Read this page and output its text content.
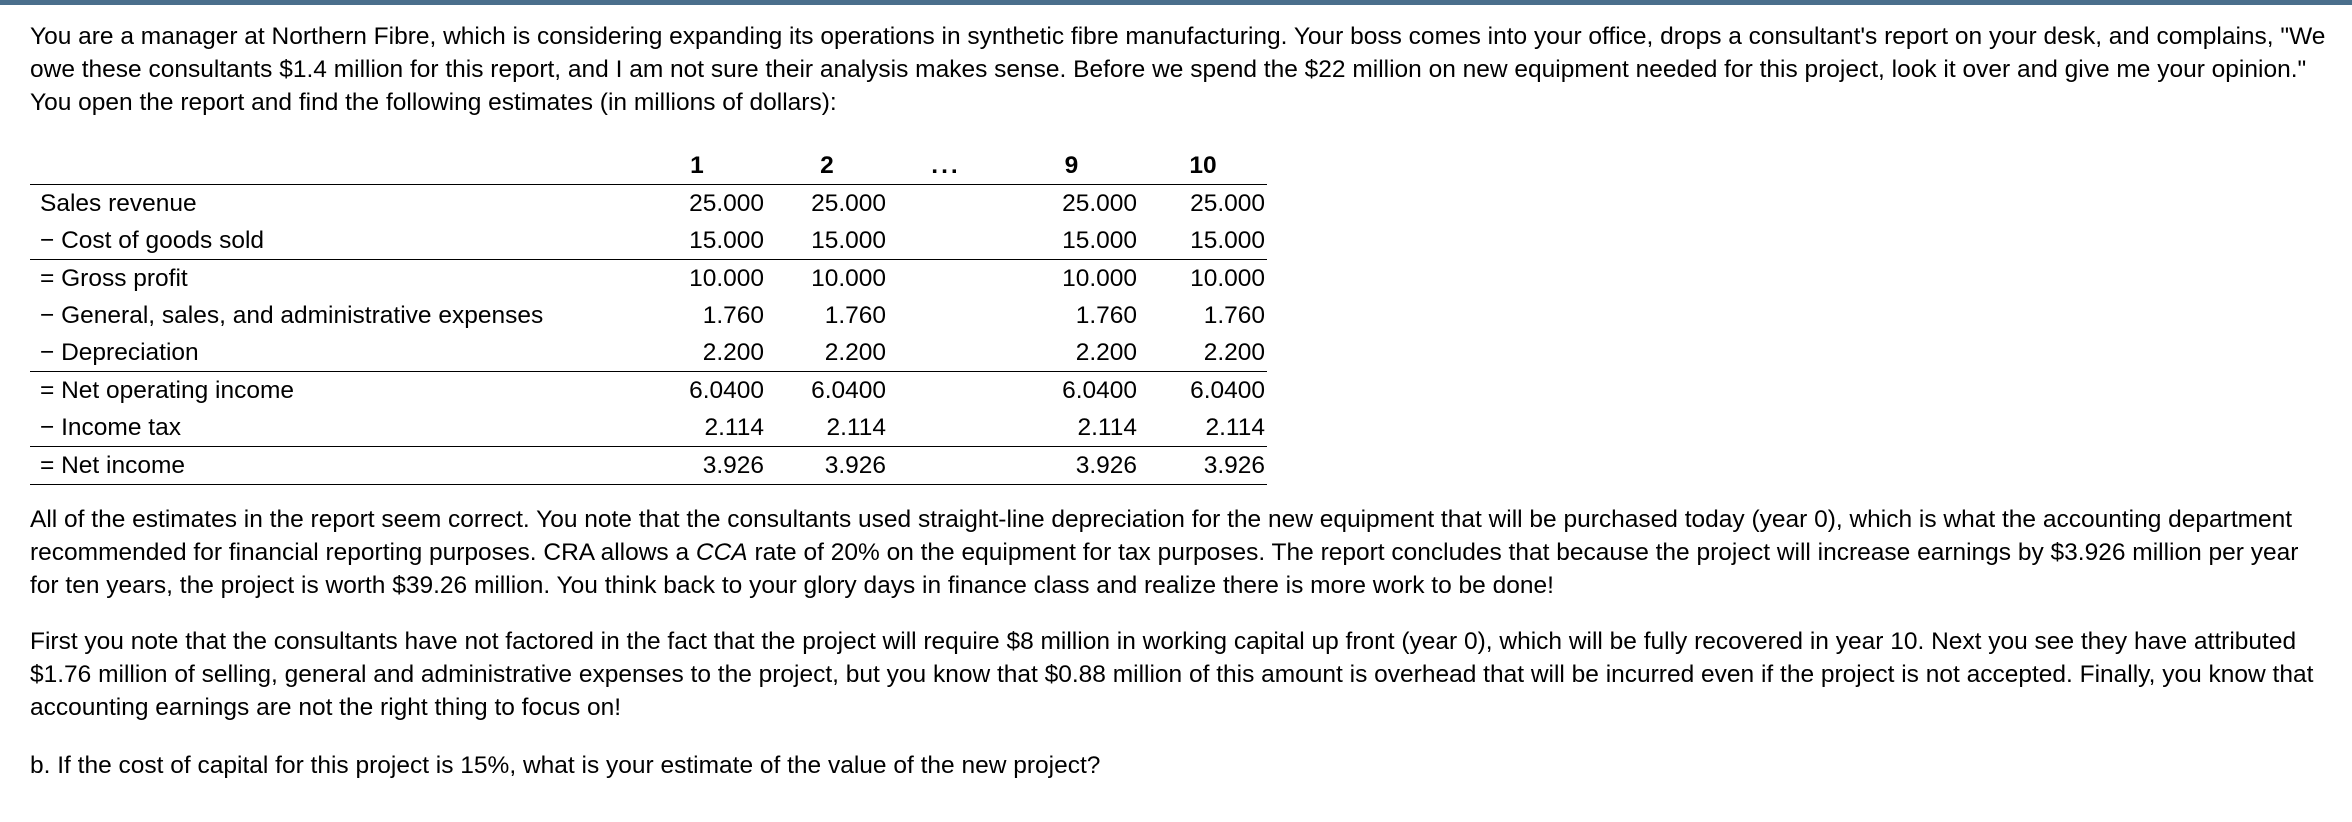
You are a manager at Northern Fibre, which is considering expanding its operations in synthetic fibre manufacturing. Your boss comes into your office, drops a consultant's report on your desk, and complains, "We owe these consultants $1.4 million for this report, and I am not sure their analysis makes sense. Before we spend the $22 million on new equipment needed for this project, look it over and give me your opinion." You open the report and find the following estimates (in millions of dollars):

	1	2	...	9	10
Sales revenue	25.000	25.000		25.000	25.000
− Cost of goods sold	15.000	15.000		15.000	15.000
= Gross profit	10.000	10.000		10.000	10.000
− General, sales, and administrative expenses	1.760	1.760		1.760	1.760
− Depreciation	2.200	2.200		2.200	2.200
= Net operating income	6.0400	6.0400		6.0400	6.0400
− Income tax	2.114	2.114		2.114	2.114
= Net income	3.926	3.926		3.926	3.926

All of the estimates in the report seem correct. You note that the consultants used straight-line depreciation for the new equipment that will be purchased today (year 0), which is what the accounting department recommended for financial reporting purposes. CRA allows a CCA rate of 20% on the equipment for tax purposes. The report concludes that because the project will increase earnings by $3.926 million per year for ten years, the project is worth $39.26 million. You think back to your glory days in finance class and realize there is more work to be done!

First you note that the consultants have not factored in the fact that the project will require $8 million in working capital up front (year 0), which will be fully recovered in year 10. Next you see they have attributed $1.76 million of selling, general and administrative expenses to the project, but you know that $0.88 million of this amount is overhead that will be incurred even if the project is not accepted. Finally, you know that accounting earnings are not the right thing to focus on!

b. If the cost of capital for this project is 15%, what is your estimate of the value of the new project?
